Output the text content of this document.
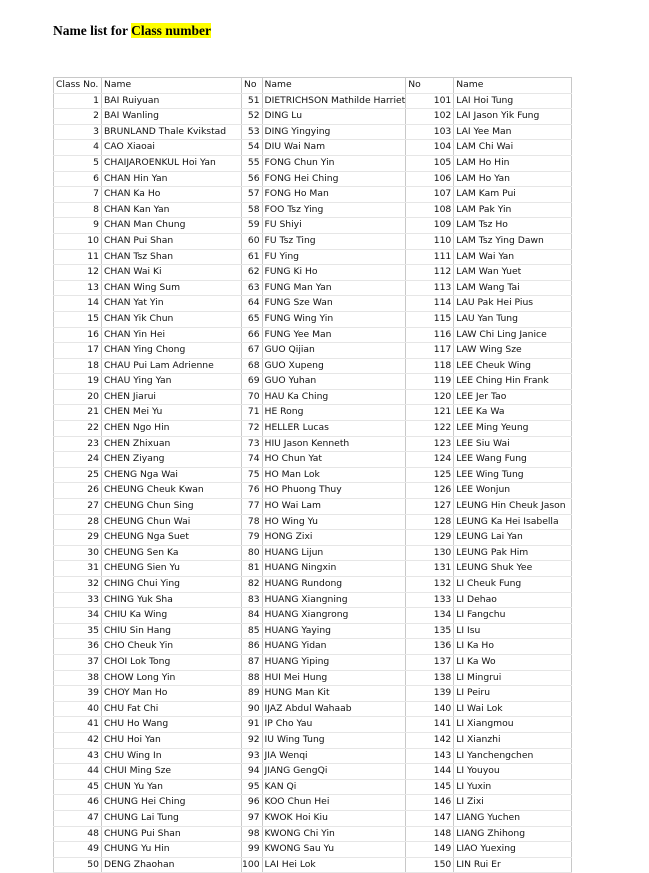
Name list for Class number
Class No.	Name	No	Name	No	Name
1	BAI Ruiyuan	51	DIETRICHSON Mathilde Harriet	101	LAI Hoi Tung
2	BAI Wanling	52	DING Lu	102	LAI Jason Yik Fung
3	BRUNLAND Thale Kvikstad	53	DING Yingying	103	LAI Yee Man
4	CAO Xiaoai	54	DIU Wai Nam	104	LAM Chi Wai
5	CHAIJAROENKUL Hoi Yan	55	FONG Chun Yin	105	LAM Ho Hin
6	CHAN Hin Yan	56	FONG Hei Ching	106	LAM Ho Yan
7	CHAN Ka Ho	57	FONG Ho Man	107	LAM Kam Pui
8	CHAN Kan Yan	58	FOO Tsz Ying	108	LAM Pak Yin
9	CHAN Man Chung	59	FU Shiyi	109	LAM Tsz Ho
10	CHAN Pui Shan	60	FU Tsz Ting	110	LAM Tsz Ying Dawn
11	CHAN Tsz Shan	61	FU Ying	111	LAM Wai Yan
12	CHAN Wai Ki	62	FUNG Ki Ho	112	LAM Wan Yuet
13	CHAN Wing Sum	63	FUNG Man Yan	113	LAM Wang Tai
14	CHAN Yat Yin	64	FUNG Sze Wan	114	LAU Pak Hei Pius
15	CHAN Yik Chun	65	FUNG Wing Yin	115	LAU Yan Tung
16	CHAN Yin Hei	66	FUNG Yee Man	116	LAW Chi Ling Janice
17	CHAN Ying Chong	67	GUO Qijian	117	LAW Wing Sze
18	CHAU Pui Lam Adrienne	68	GUO Xupeng	118	LEE Cheuk Wing
19	CHAU Ying Yan	69	GUO Yuhan	119	LEE Ching Hin Frank
20	CHEN Jiarui	70	HAU Ka Ching	120	LEE Jer Tao
21	CHEN Mei Yu	71	HE Rong	121	LEE Ka Wa
22	CHEN Ngo Hin	72	HELLER Lucas	122	LEE Ming Yeung
23	CHEN Zhixuan	73	HIU Jason Kenneth	123	LEE Siu Wai
24	CHEN Ziyang	74	HO Chun Yat	124	LEE Wang Fung
25	CHENG Nga Wai	75	HO Man Lok	125	LEE Wing Tung
26	CHEUNG Cheuk Kwan	76	HO Phuong Thuy	126	LEE Wonjun
27	CHEUNG Chun Sing	77	HO Wai Lam	127	LEUNG Hin Cheuk Jason
28	CHEUNG Chun Wai	78	HO Wing Yu	128	LEUNG Ka Hei Isabella
29	CHEUNG Nga Suet	79	HONG Zixi	129	LEUNG Lai Yan
30	CHEUNG Sen Ka	80	HUANG Lijun	130	LEUNG Pak Him
31	CHEUNG Sien Yu	81	HUANG Ningxin	131	LEUNG Shuk Yee
32	CHING Chui Ying	82	HUANG Rundong	132	LI Cheuk Fung
33	CHING Yuk Sha	83	HUANG Xiangning	133	LI Dehao
34	CHIU Ka Wing	84	HUANG Xiangrong	134	LI Fangchu
35	CHIU Sin Hang	85	HUANG Yaying	135	LI Isu
36	CHO Cheuk Yin	86	HUANG Yidan	136	LI Ka Ho
37	CHOI Lok Tong	87	HUANG Yiping	137	LI Ka Wo
38	CHOW Long Yin	88	HUI Mei Hung	138	LI Mingrui
39	CHOY Man Ho	89	HUNG Man Kit	139	LI Peiru
40	CHU Fat Chi	90	IJAZ Abdul Wahaab	140	LI Wai Lok
41	CHU Ho Wang	91	IP Cho Yau	141	LI Xiangmou
42	CHU Hoi Yan	92	IU Wing Tung	142	LI Xianzhi
43	CHU Wing In	93	JIA Wenqi	143	LI Yanchengchen
44	CHUI Ming Sze	94	JIANG GengQi	144	LI Youyou
45	CHUN Yu Yan	95	KAN Qi	145	LI Yuxin
46	CHUNG Hei Ching	96	KOO Chun Hei	146	LI Zixi
47	CHUNG Lai Tung	97	KWOK Hoi Kiu	147	LIANG Yuchen
48	CHUNG Pui Shan	98	KWONG Chi Yin	148	LIANG Zhihong
49	CHUNG Yu Hin	99	KWONG Sau Yu	149	LIAO Yuexing
50	DENG Zhaohan	100	LAI Hei Lok	150	LIN Rui Er
